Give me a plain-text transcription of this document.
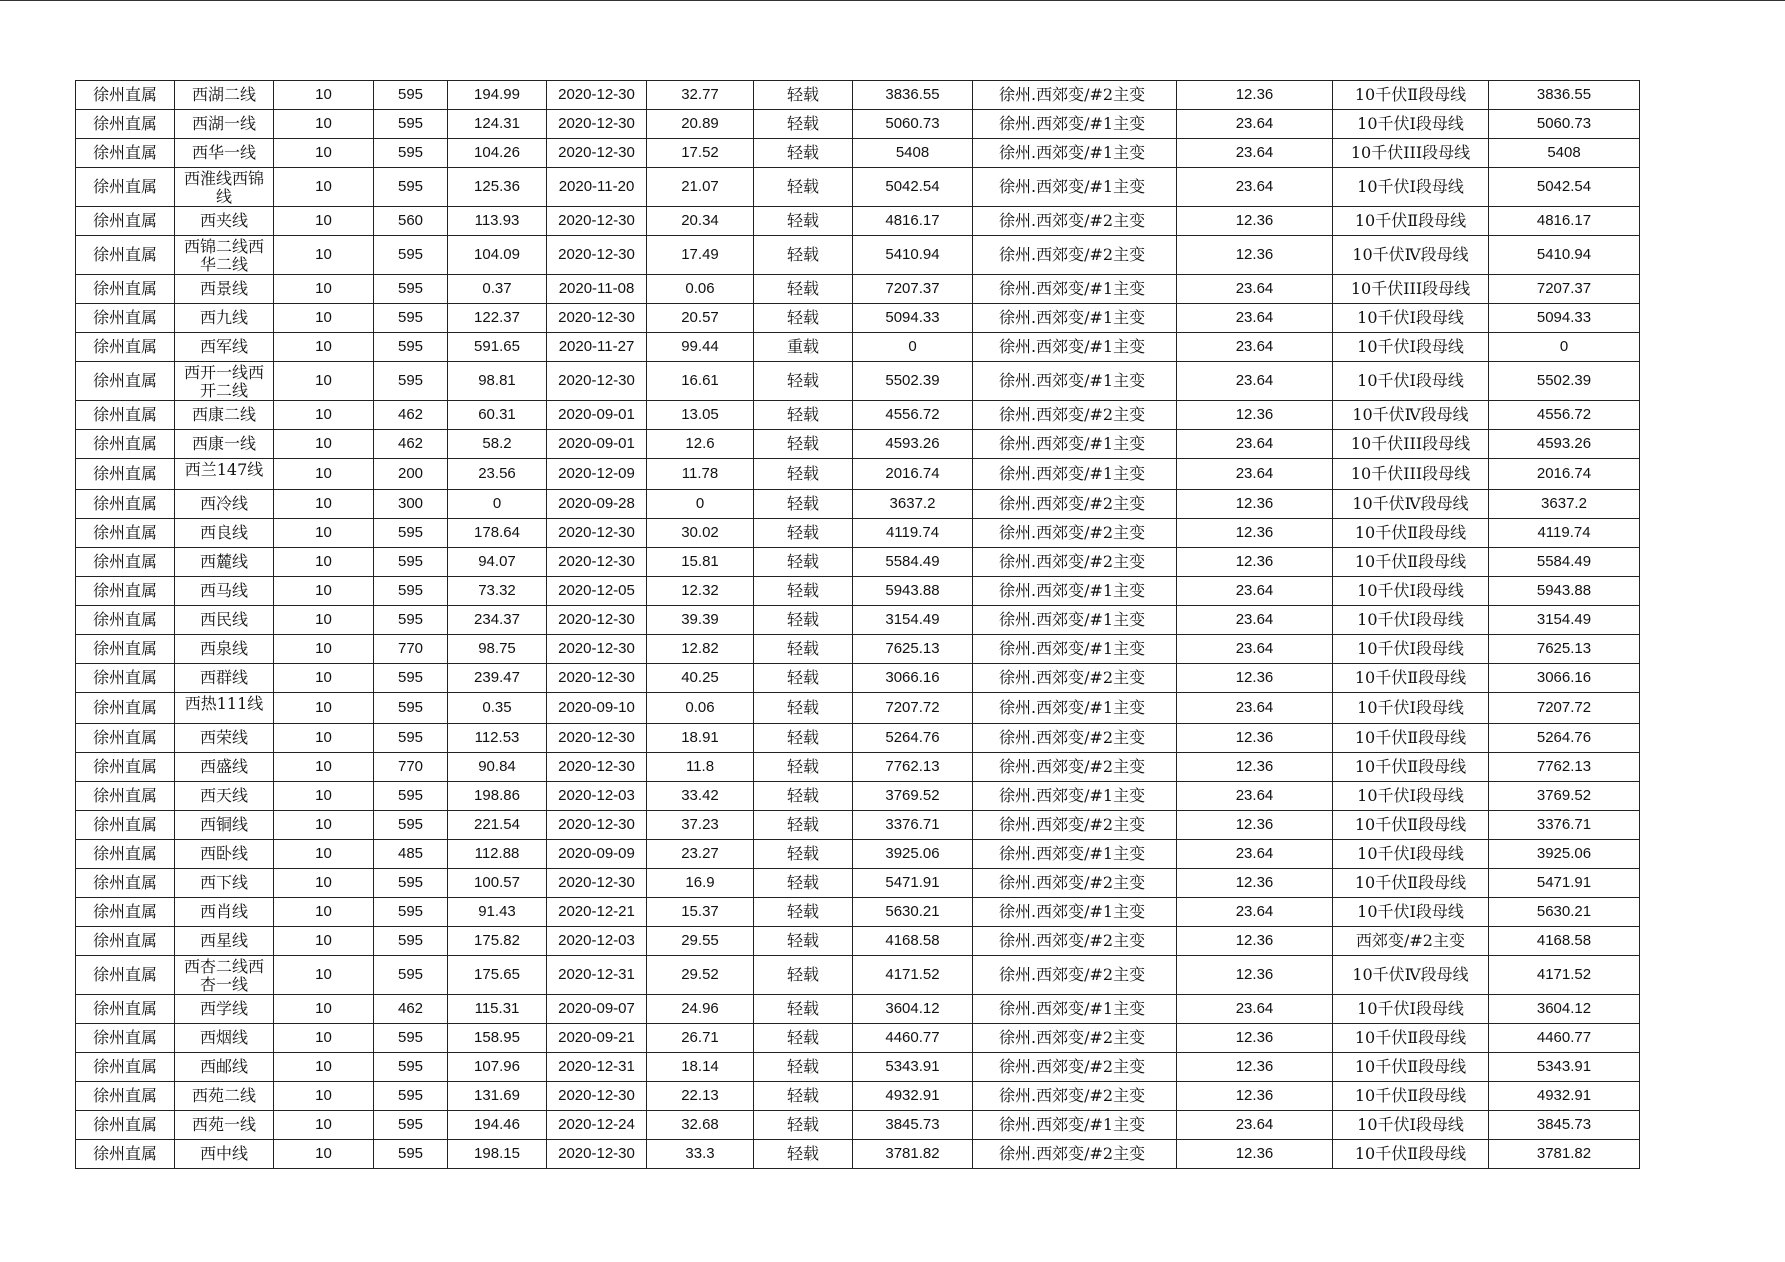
徐州直属	西湖二线	10	595	194.99	2020-12-30	32.77	轻载	3836.55	徐州.西郊变/#2主变	12.36	10千伏Ⅱ段母线	3836.55
徐州直属	西湖一线	10	595	124.31	2020-12-30	20.89	轻载	5060.73	徐州.西郊变/#1主变	23.64	10千伏Ⅰ段母线	5060.73
徐州直属	西华一线	10	595	104.26	2020-12-30	17.52	轻载	5408	徐州.西郊变/#1主变	23.64	10千伏III段母线	5408
徐州直属	西淮线西锦线	10	595	125.36	2020-11-20	21.07	轻载	5042.54	徐州.西郊变/#1主变	23.64	10千伏Ⅰ段母线	5042.54
徐州直属	西夹线	10	560	113.93	2020-12-30	20.34	轻载	4816.17	徐州.西郊变/#2主变	12.36	10千伏Ⅱ段母线	4816.17
徐州直属	西锦二线西华二线	10	595	104.09	2020-12-30	17.49	轻载	5410.94	徐州.西郊变/#2主变	12.36	10千伏Ⅳ段母线	5410.94
徐州直属	西景线	10	595	0.37	2020-11-08	0.06	轻载	7207.37	徐州.西郊变/#1主变	23.64	10千伏III段母线	7207.37
徐州直属	西九线	10	595	122.37	2020-12-30	20.57	轻载	5094.33	徐州.西郊变/#1主变	23.64	10千伏Ⅰ段母线	5094.33
徐州直属	西军线	10	595	591.65	2020-11-27	99.44	重载	0	徐州.西郊变/#1主变	23.64	10千伏Ⅰ段母线	0
徐州直属	西开一线西开二线	10	595	98.81	2020-12-30	16.61	轻载	5502.39	徐州.西郊变/#1主变	23.64	10千伏Ⅰ段母线	5502.39
徐州直属	西康二线	10	462	60.31	2020-09-01	13.05	轻载	4556.72	徐州.西郊变/#2主变	12.36	10千伏Ⅳ段母线	4556.72
徐州直属	西康一线	10	462	58.2	2020-09-01	12.6	轻载	4593.26	徐州.西郊变/#1主变	23.64	10千伏III段母线	4593.26
徐州直属	西兰147线	10	200	23.56	2020-12-09	11.78	轻载	2016.74	徐州.西郊变/#1主变	23.64	10千伏III段母线	2016.74
徐州直属	西冷线	10	300	0	2020-09-28	0	轻载	3637.2	徐州.西郊变/#2主变	12.36	10千伏Ⅳ段母线	3637.2
徐州直属	西良线	10	595	178.64	2020-12-30	30.02	轻载	4119.74	徐州.西郊变/#2主变	12.36	10千伏Ⅱ段母线	4119.74
徐州直属	西麓线	10	595	94.07	2020-12-30	15.81	轻载	5584.49	徐州.西郊变/#2主变	12.36	10千伏Ⅱ段母线	5584.49
徐州直属	西马线	10	595	73.32	2020-12-05	12.32	轻载	5943.88	徐州.西郊变/#1主变	23.64	10千伏Ⅰ段母线	5943.88
徐州直属	西民线	10	595	234.37	2020-12-30	39.39	轻载	3154.49	徐州.西郊变/#1主变	23.64	10千伏Ⅰ段母线	3154.49
徐州直属	西泉线	10	770	98.75	2020-12-30	12.82	轻载	7625.13	徐州.西郊变/#1主变	23.64	10千伏Ⅰ段母线	7625.13
徐州直属	西群线	10	595	239.47	2020-12-30	40.25	轻载	3066.16	徐州.西郊变/#2主变	12.36	10千伏Ⅱ段母线	3066.16
徐州直属	西热111线	10	595	0.35	2020-09-10	0.06	轻载	7207.72	徐州.西郊变/#1主变	23.64	10千伏Ⅰ段母线	7207.72
徐州直属	西荣线	10	595	112.53	2020-12-30	18.91	轻载	5264.76	徐州.西郊变/#2主变	12.36	10千伏Ⅱ段母线	5264.76
徐州直属	西盛线	10	770	90.84	2020-12-30	11.8	轻载	7762.13	徐州.西郊变/#2主变	12.36	10千伏Ⅱ段母线	7762.13
徐州直属	西天线	10	595	198.86	2020-12-03	33.42	轻载	3769.52	徐州.西郊变/#1主变	23.64	10千伏Ⅰ段母线	3769.52
徐州直属	西铜线	10	595	221.54	2020-12-30	37.23	轻载	3376.71	徐州.西郊变/#2主变	12.36	10千伏Ⅱ段母线	3376.71
徐州直属	西卧线	10	485	112.88	2020-09-09	23.27	轻载	3925.06	徐州.西郊变/#1主变	23.64	10千伏Ⅰ段母线	3925.06
徐州直属	西下线	10	595	100.57	2020-12-30	16.9	轻载	5471.91	徐州.西郊变/#2主变	12.36	10千伏Ⅱ段母线	5471.91
徐州直属	西肖线	10	595	91.43	2020-12-21	15.37	轻载	5630.21	徐州.西郊变/#1主变	23.64	10千伏Ⅰ段母线	5630.21
徐州直属	西星线	10	595	175.82	2020-12-03	29.55	轻载	4168.58	徐州.西郊变/#2主变	12.36	西郊变/#2主变	4168.58
徐州直属	西杏二线西杏一线	10	595	175.65	2020-12-31	29.52	轻载	4171.52	徐州.西郊变/#2主变	12.36	10千伏Ⅳ段母线	4171.52
徐州直属	西学线	10	462	115.31	2020-09-07	24.96	轻载	3604.12	徐州.西郊变/#1主变	23.64	10千伏Ⅰ段母线	3604.12
徐州直属	西烟线	10	595	158.95	2020-09-21	26.71	轻载	4460.77	徐州.西郊变/#2主变	12.36	10千伏Ⅱ段母线	4460.77
徐州直属	西邮线	10	595	107.96	2020-12-31	18.14	轻载	5343.91	徐州.西郊变/#2主变	12.36	10千伏Ⅱ段母线	5343.91
徐州直属	西苑二线	10	595	131.69	2020-12-30	22.13	轻载	4932.91	徐州.西郊变/#2主变	12.36	10千伏Ⅱ段母线	4932.91
徐州直属	西苑一线	10	595	194.46	2020-12-24	32.68	轻载	3845.73	徐州.西郊变/#1主变	23.64	10千伏Ⅰ段母线	3845.73
徐州直属	西中线	10	595	198.15	2020-12-30	33.3	轻载	3781.82	徐州.西郊变/#2主变	12.36	10千伏Ⅱ段母线	3781.82
